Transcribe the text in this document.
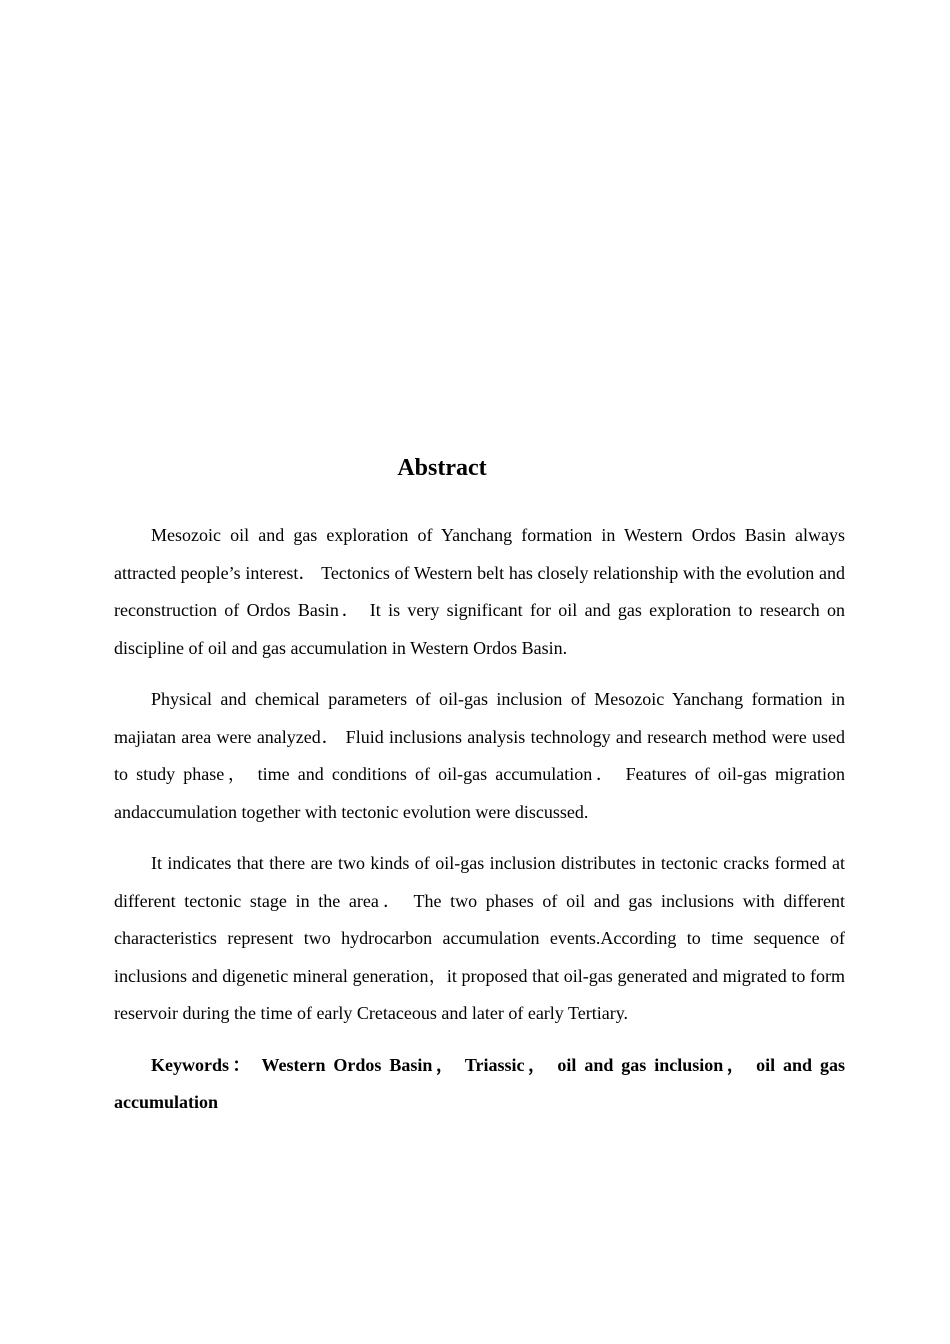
Abstract

Mesozoic oil and gas exploration of Yanchang formation in Western Ordos Basin always attracted people’s interest． Tectonics of Western belt has closely relationship with the evolution and reconstruction of Ordos Basin． It is very significant for oil and gas exploration to research on discipline of oil and gas accumulation in Western Ordos Basin.

Physical and chemical parameters of oil-gas inclusion of Mesozoic Yanchang formation in majiatan area were analyzed． Fluid inclusions analysis technology and research method were used to study phase， time and conditions of oil-gas accumulation． Features of oil-gas migration andaccumulation together with tectonic evolution were discussed.

It indicates that there are two kinds of oil-gas inclusion distributes in tectonic cracks formed at different tectonic stage in the area． The two phases of oil and gas inclusions with different characteristics represent two hydrocarbon accumulation events.According to time sequence of inclusions and digenetic mineral generation，it proposed that oil-gas generated and migrated to form reservoir during the time of early Cretaceous and later of early Tertiary.

Keywords： Western Ordos Basin， Triassic， oil and gas inclusion， oil and gas accumulation
